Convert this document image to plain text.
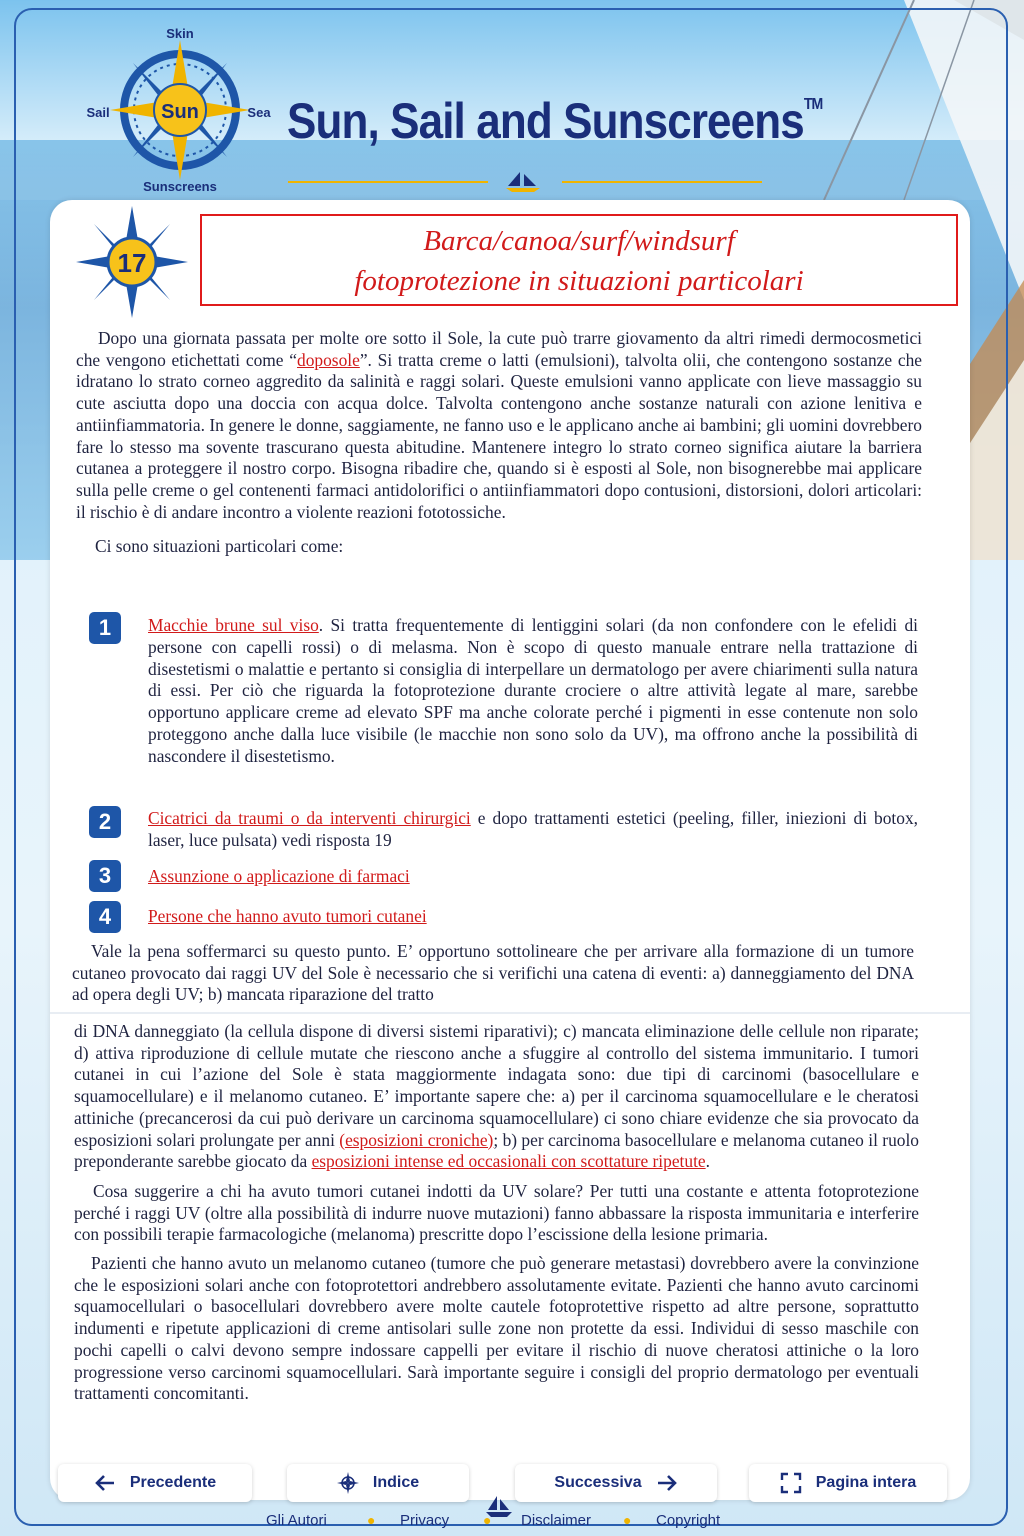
Sun
Skin
Sail	Sea
Sunscreens
Sun, Sail and Sunscreens™
17
Barca/canoa/surf/windsurf
fotoprotezione in situazioni particolari

Dopo una giornata passata per molte ore sotto il Sole, la cute può trarre giovamento da altri rimedi dermocosmetici che vengono etichettati come “doposole”. Si tratta creme o latti (emulsioni), talvolta olii, che contengono sostanze che idratano lo strato corneo aggredito da salinità e raggi solari. Queste emulsioni vanno applicate con lieve massaggio su cute asciutta dopo una doccia con acqua dolce. Talvolta contengono anche sostanze naturali con azione lenitiva e antiinfiammatoria. In genere le donne, saggiamente, ne fanno uso e le applicano anche ai bambini; gli uomini dovrebbero fare lo stesso ma sovente trascurano questa abitudine. Mantenere integro lo strato corneo significa aiutare la barriera cutanea a proteggere il nostro corpo. Bisogna ribadire che, quando si è esposti al Sole, non bisognerebbe mai applicare sulla pelle creme o gel contenenti farmaci antidolorifici o antiinfiammatori dopo contusioni, distorsioni, dolori articolari: il rischio è di andare incontro a violente reazioni fototossiche.

Ci sono situazioni particolari come:

1	Macchie brune sul viso. Si tratta frequentemente di lentiggini solari (da non confondere con le efelidi di persone con capelli rossi) o di melasma. Non è scopo di questo manuale entrare nella trattazione di disestetismi o malattie e pertanto si consiglia di interpellare un dermatologo per avere chiarimenti sulla natura di essi. Per ciò che riguarda la fotoprotezione durante crociere o altre attività legate al mare, sarebbe opportuno applicare creme ad elevato SPF ma anche colorate perché i pigmenti in esse contenute non solo proteggono anche dalla luce visibile (le macchie non sono solo da UV), ma offrono anche la possibilità di nascondere il disestetismo.
2	Cicatrici da traumi o da interventi chirurgici e dopo trattamenti estetici (peeling, filler, iniezioni di botox, laser, luce pulsata) vedi risposta 19
3	Assunzione o applicazione di farmaci
4	Persone che hanno avuto tumori cutanei
Vale la pena soffermarci su questo punto. E’ opportuno sottolineare che per arrivare alla formazione di un tumore cutaneo provocato dai raggi UV del Sole è necessario che si verifichi una catena di eventi: a) danneggiamento del DNA ad opera degli UV; b) mancata riparazione del tratto

di DNA danneggiato (la cellula dispone di diversi sistemi riparativi); c) mancata eliminazione delle cellule non riparate; d) attiva riproduzione di cellule mutate che riescono anche a sfuggire al controllo del sistema immunitario. I tumori cutanei in cui l’azione del Sole è stata maggiormente indagata sono: due tipi di carcinomi (basocellulare e squamocellulare) e il melanomo cutaneo. E’ importante sapere che: a) per il carcinoma squamocellulare e le cheratosi attiniche (precancerosi da cui può derivare un carcinoma squamocellulare) ci sono chiare evidenze che sia provocato da esposizioni solari prolungate per anni (esposizioni croniche); b) per carcinoma basocellulare e melanoma cutaneo il ruolo preponderante sarebbe giocato da esposizioni intense ed occasionali con scottature ripetute.

Cosa suggerire a chi ha avuto tumori cutanei indotti da UV solare? Per tutti una costante e attenta fotoprotezione perché i raggi UV (oltre alla possibilità di indurre nuove mutazioni) fanno abbassare la risposta immunitaria e interferire con possibili terapie farmacologiche (melanoma) prescritte dopo l’escissione della lesione primaria.

Pazienti che hanno avuto un melanomo cutaneo (tumore che può generare metastasi) dovrebbero avere la convinzione che le esposizioni solari anche con fotoprotettori andrebbero assolutamente evitate. Pazienti che hanno avuto carcinomi squamocellulari o basocellulari dovrebbero avere molte cautele fotoprotettive rispetto ad altre persone, soprattutto indumenti e ripetute applicazioni di creme antisolari sulle zone non protette da essi. Individui di sesso maschile con pochi capelli o calvi devono sempre indossare cappelli per evitare il rischio di nuove cheratosi attiniche o la loro progressione verso carcinomi squamocellulari. Sarà importante seguire i consigli del proprio dermatologo per eventuali trattamenti concomitanti.

Precedente	Indice	Successiva	Pagina intera
Gli Autori	● Privacy ● Disclaimer ● Copyright
